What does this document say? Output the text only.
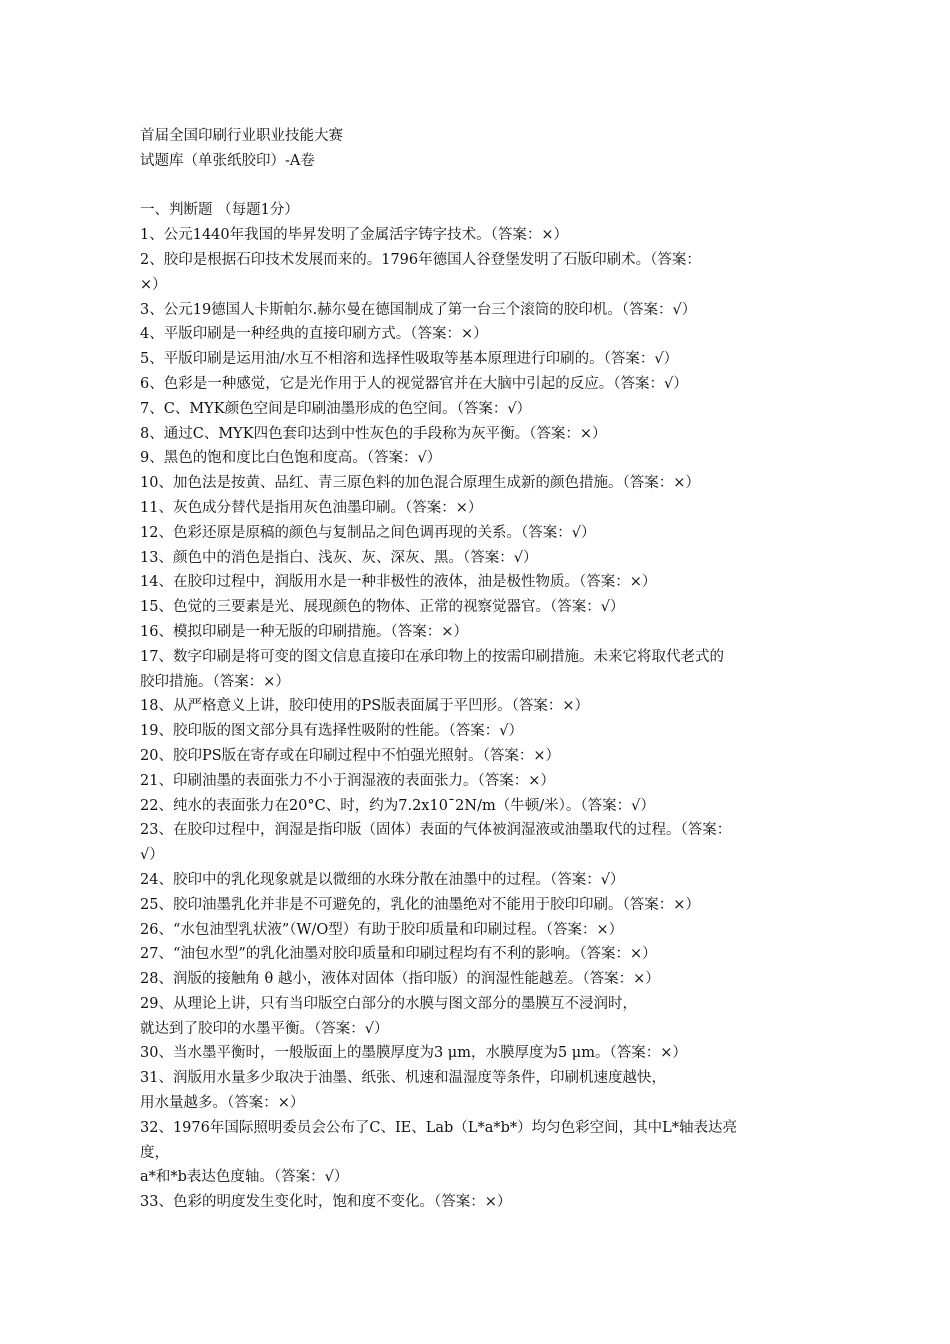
首届全国印刷行业职业技能大赛
试题库（单张纸胶印）-A卷
一、判断题 （每题1分）
1、公元1440年我国的毕昇发明了金属活字铸字技术。（答案：×）
2、胶印是根据石印技术发展而来的。1796年德国人谷登堡发明了石版印刷术。（答案：
×）
3、公元19德国人卡斯帕尔.赫尔曼在德国制成了第一台三个滚筒的胶印机。（答案：√）
4、平版印刷是一种经典的直接印刷方式。（答案：×）
5、平版印刷是运用油/水互不相溶和选择性吸取等基本原理进行印刷的。（答案：√）
6、色彩是一种感觉，它是光作用于人的视觉器官并在大脑中引起的反应。（答案：√）
7、C、MYK颜色空间是印刷油墨形成的色空间。（答案：√）
8、通过C、MYK四色套印达到中性灰色的手段称为灰平衡。（答案：×）
9、黑色的饱和度比白色饱和度高。（答案：√）
10、加色法是按黄、品红、青三原色料的加色混合原理生成新的颜色措施。（答案：×）
11、灰色成分替代是指用灰色油墨印刷。（答案：×）
12、色彩还原是原稿的颜色与复制品之间色调再现的关系。（答案：√）
13、颜色中的消色是指白、浅灰、灰、深灰、黑。（答案：√）
14、在胶印过程中，润版用水是一种非极性的液体，油是极性物质。（答案：×）
15、色觉的三要素是光、展现颜色的物体、正常的视察觉器官。（答案：√）
16、模拟印刷是一种无版的印刷措施。（答案：×）
17、数字印刷是将可变的图文信息直接印在承印物上的按需印刷措施。未来它将取代老式的
胶印措施。（答案：×）
18、从严格意义上讲，胶印使用的PS版表面属于平凹形。（答案：×）
19、胶印版的图文部分具有选择性吸附的性能。（答案：√）
20、胶印PS版在寄存或在印刷过程中不怕强光照射。（答案：×）
21、印刷油墨的表面张力不小于润湿液的表面张力。（答案：×）
22、纯水的表面张力在20°C、时，约为7.2x10ˉ2N/m（牛顿/米）。（答案：√）
23、在胶印过程中，润湿是指印版（固体）表面的气体被润湿液或油墨取代的过程。（答案：
√）
24、胶印中的乳化现象就是以微细的水珠分散在油墨中的过程。（答案：√）
25、胶印油墨乳化并非是不可避免的，乳化的油墨绝对不能用于胶印印刷。（答案：×）
26、“水包油型乳状液”（W/O型）有助于胶印质量和印刷过程。（答案：×）
27、“油包水型”的乳化油墨对胶印质量和印刷过程均有不利的影响。（答案：×）
28、润版的接触角 θ 越小，液体对固体（指印版）的润湿性能越差。（答案：×）
29、从理论上讲，只有当印版空白部分的水膜与图文部分的墨膜互不浸润时，
就达到了胶印的水墨平衡。（答案：√）
30、当水墨平衡时，一般版面上的墨膜厚度为3 μm，水膜厚度为5 μm。（答案：×）
31、润版用水量多少取决于油墨、纸张、机速和温湿度等条件，印刷机速度越快，
用水量越多。（答案：×）
32、1976年国际照明委员会公布了C、IE、Lab（L*a*b*）均匀色彩空间，其中L*轴表达亮
度，
a*和*b表达色度轴。（答案：√）
33、色彩的明度发生变化时，饱和度不变化。（答案：×）
